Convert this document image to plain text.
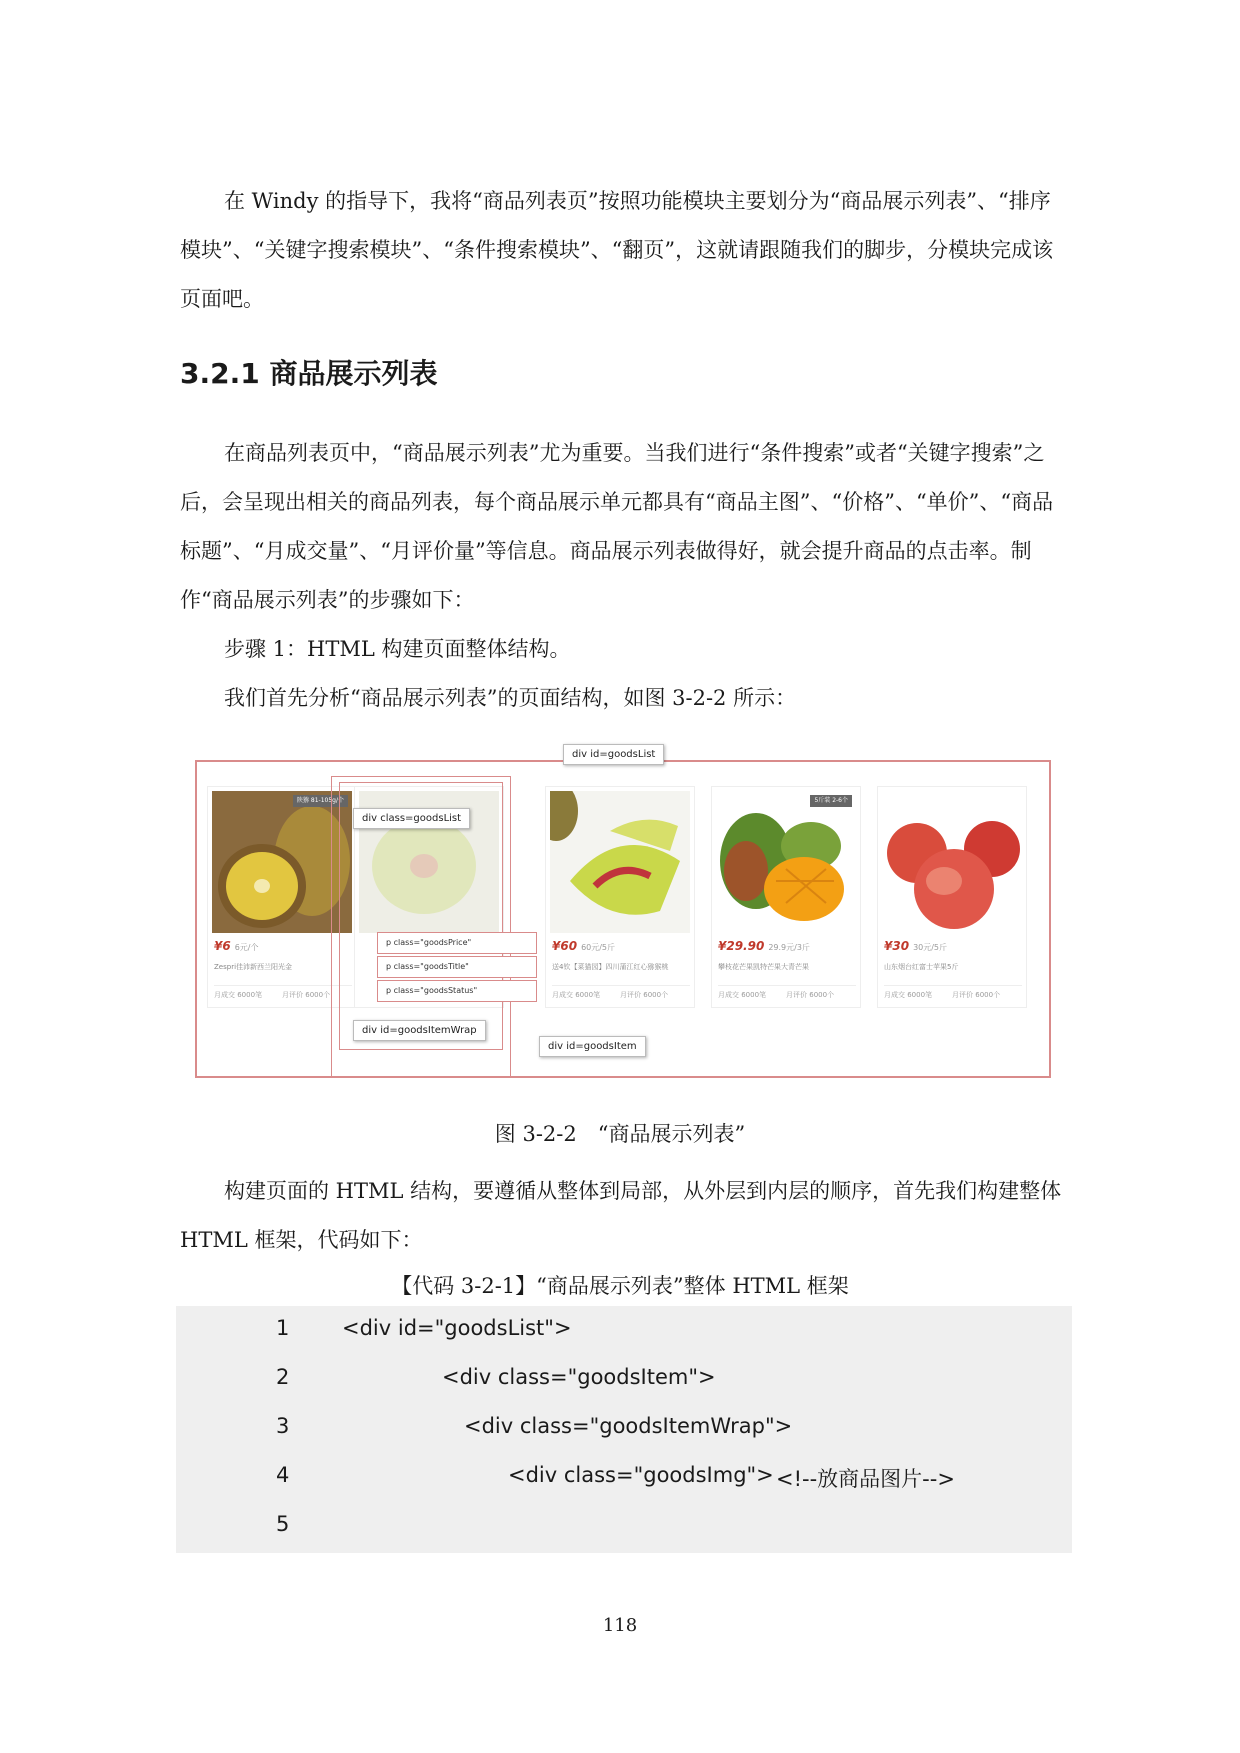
在 Windy 的指导下，我将“商品列表页”按照功能模块主要划分为“商品展示列表”、“排序模块”、“关键字搜索模块”、“条件搜索模块”、“翻页”，这就请跟随我们的脚步，分模块完成该页面吧。

3.2.1 商品展示列表

在商品列表页中，“商品展示列表”尤为重要。当我们进行“条件搜索”或者“关键字搜索”之后，会呈现出相关的商品列表，每个商品展示单元都具有“商品主图”、“价格”、“单价”、“商品标题”、“月成交量”、“月评价量”等信息。商品展示列表做得好，就会提升商品的点击率。制作“商品展示列表”的步骤如下：

步骤 1：HTML 构建页面整体结构。

我们首先分析“商品展示列表”的页面结构，如图 3-2-2 所示：

陕猕 81-105g/个
¥6 6元/个
Zespri佳沛新西兰阳光金
月成交 6000笔	月评价 6000个
div class=goodsList
p class="goodsPrice"
p class="goodsTitle"
p class="goodsStatus"
div id=goodsItemWrap
¥60 60元/5斤
送4钦【菜猫园】四川蒲江红心猕猴桃
月成交 6000笔	月评价 6000个
5斤装 2-6个
¥29.90 29.9元/3斤
攀枝花芒果凯特芒果大青芒果
月成交 6000笔	月评价 6000个
¥30 30元/5斤
山东烟台红富士苹果5斤
月成交 6000笔	月评价 6000个
div id=goodsList
div id=goodsItem

图 3-2-2　“商品展示列表”

构建页面的 HTML 结构，要遵循从整体到局部，从外层到内层的顺序，首先我们构建整体 HTML 框架，代码如下：

【代码 3-2-1】“商品展示列表”整体 HTML 框架

1	<div id="goodsList">
2	<div class="goodsItem">
3	<div class="goodsItemWrap">
4	<div class="goodsImg"> <!--放商品图片-->
5
118
